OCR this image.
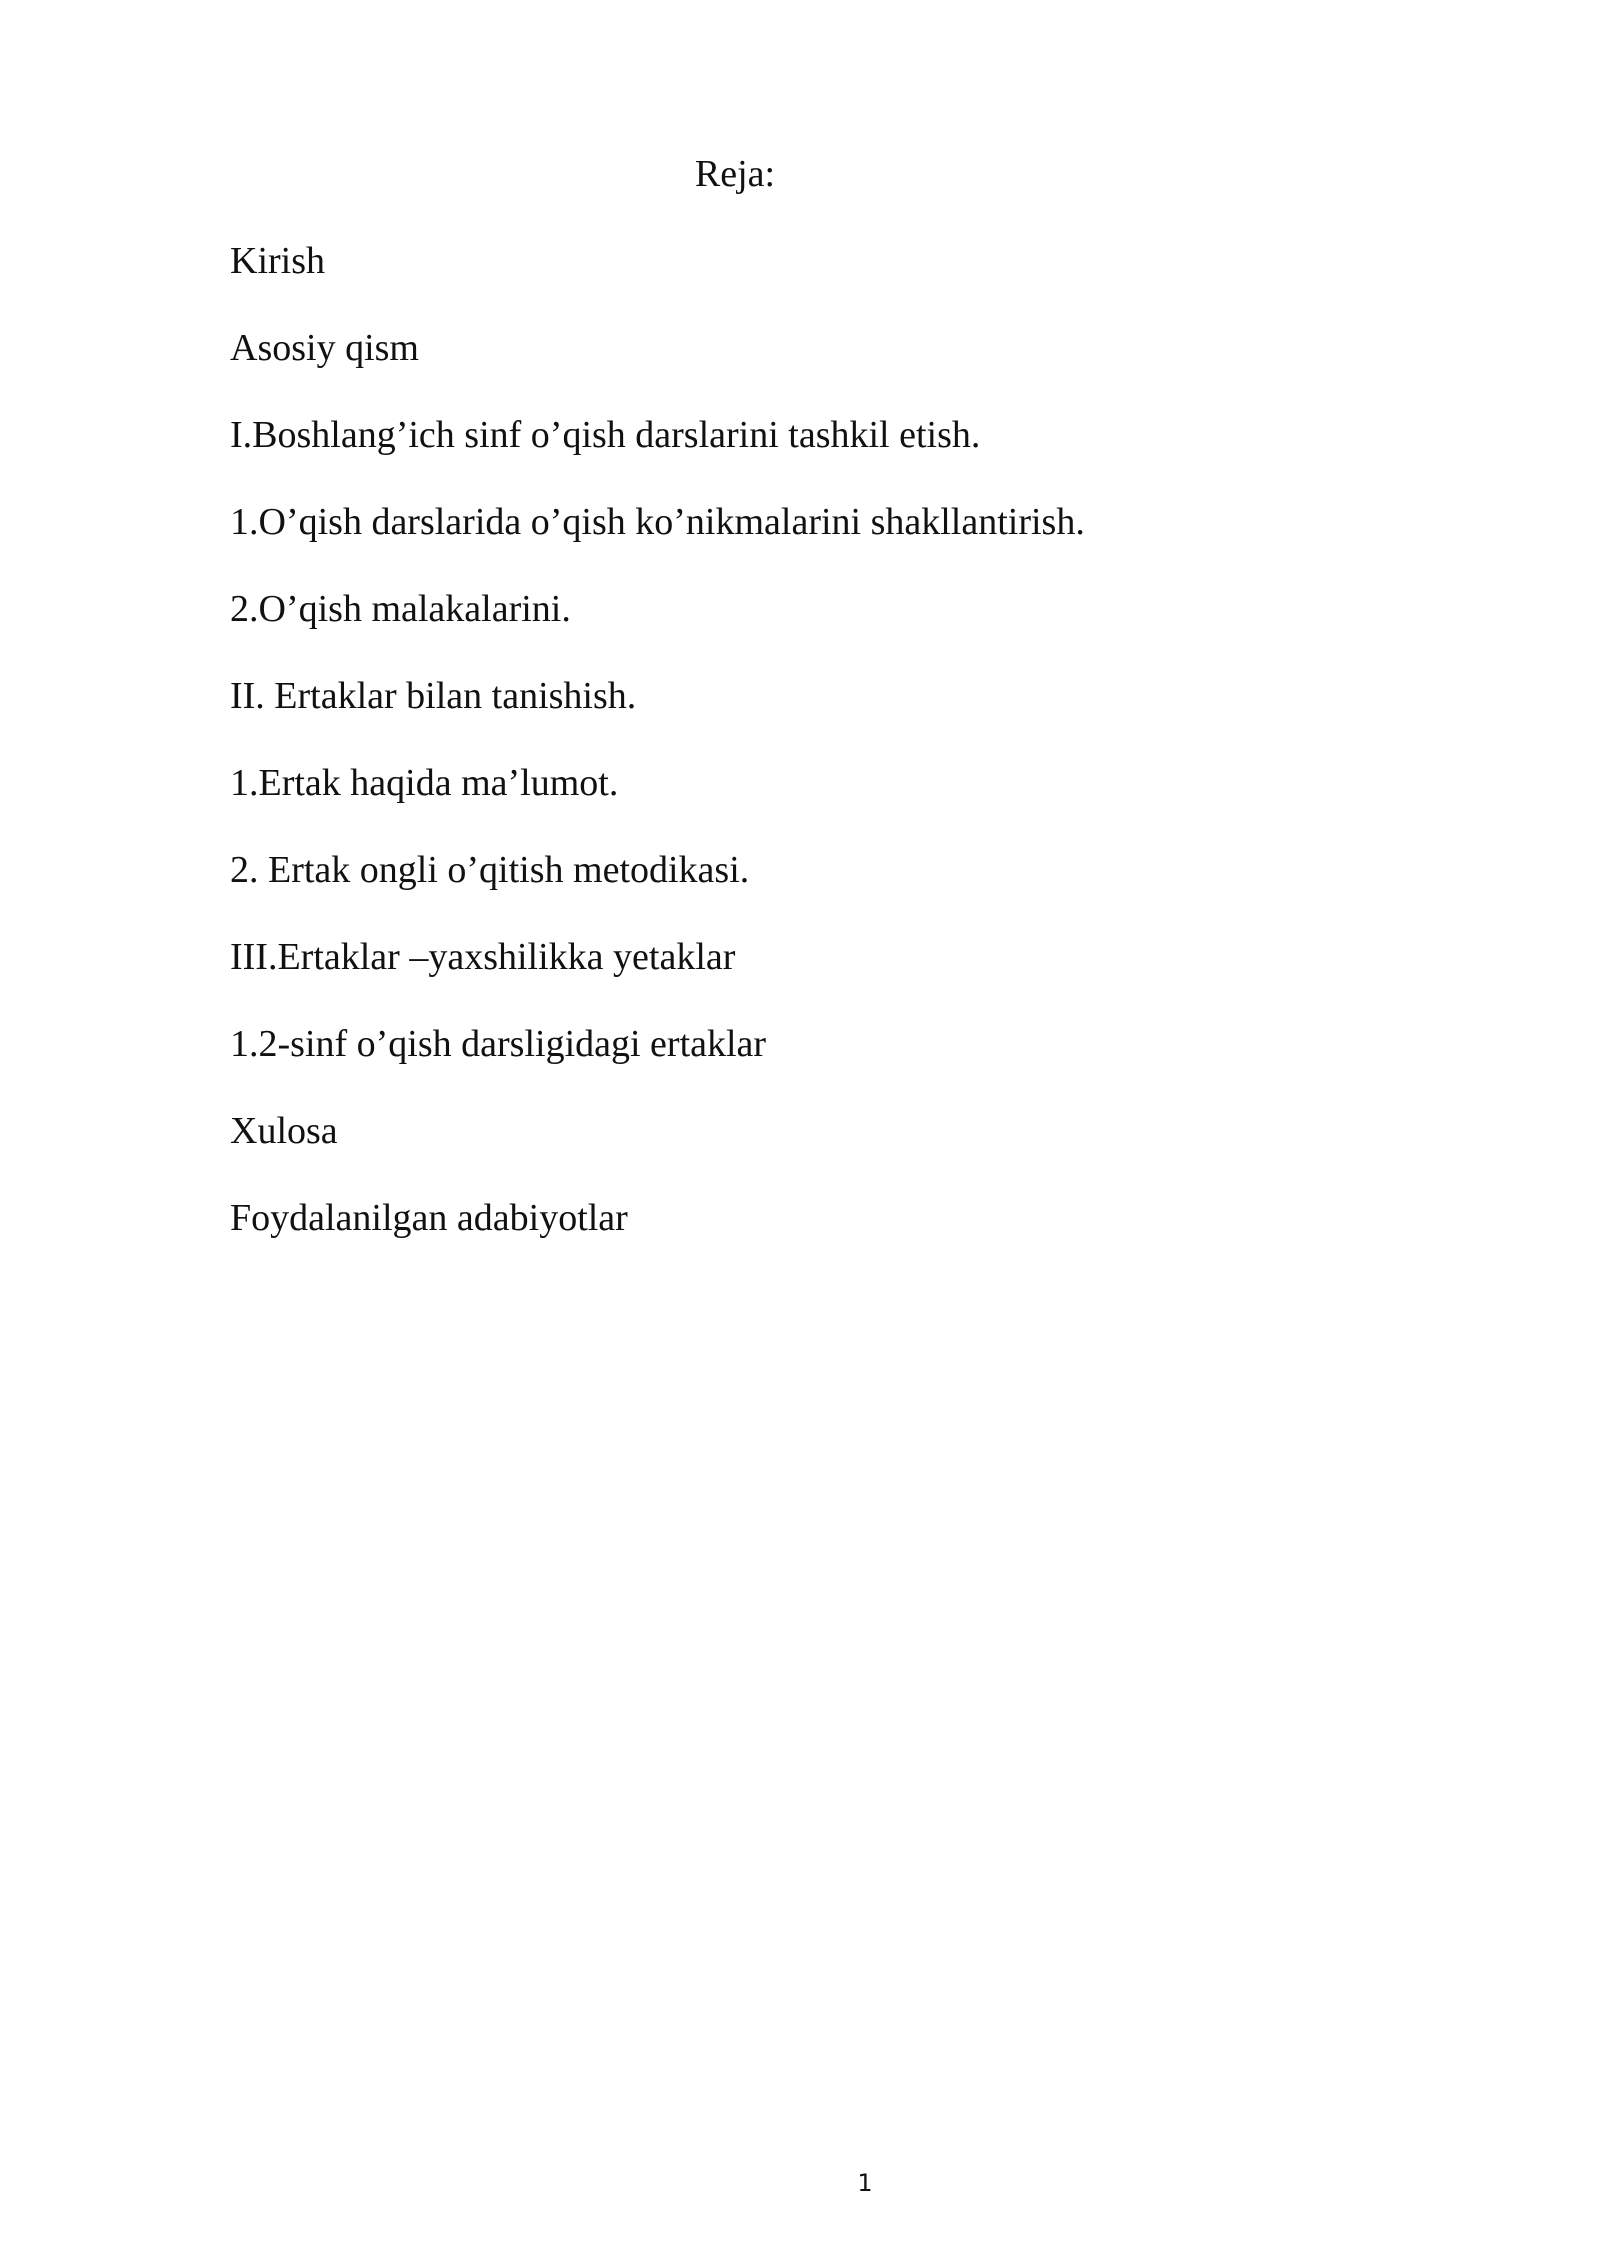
Reja:
Kirish
Asosiy qism
I.Boshlang’ich sinf o’qish darslarini tashkil etish.
1.O’qish darslarida o’qish ko’nikmalarini shakllantirish.
2.O’qish malakalarini.
II. Ertaklar bilan tanishish.
1.Ertak haqida ma’lumot.
2. Ertak ongli o’qitish metodikasi.
III.Ertaklar –yaxshilikka yetaklar
1.2-sinf o’qish darsligidagi ertaklar
Xulosa
Foydalanilgan adabiyotlar
1
